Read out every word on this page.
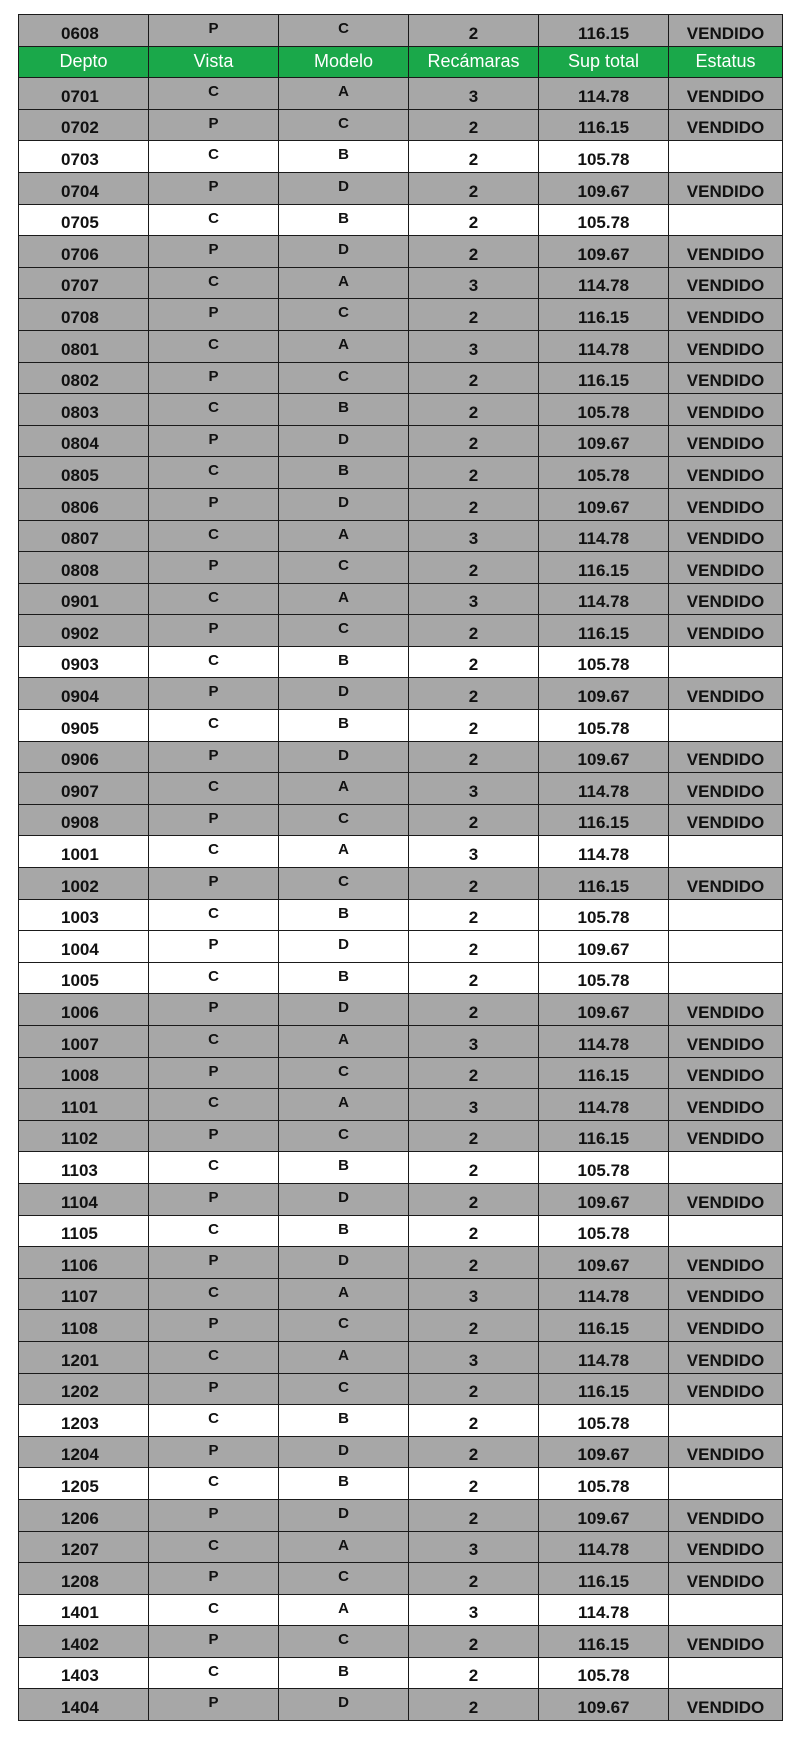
0608	P	C	2	116.15	VENDIDO
Depto	Vista	Modelo	Recámaras	Sup total	Estatus
0701	C	A	3	114.78	VENDIDO
0702	P	C	2	116.15	VENDIDO
0703	C	B	2	105.78	
0704	P	D	2	109.67	VENDIDO
0705	C	B	2	105.78	
0706	P	D	2	109.67	VENDIDO
0707	C	A	3	114.78	VENDIDO
0708	P	C	2	116.15	VENDIDO
0801	C	A	3	114.78	VENDIDO
0802	P	C	2	116.15	VENDIDO
0803	C	B	2	105.78	VENDIDO
0804	P	D	2	109.67	VENDIDO
0805	C	B	2	105.78	VENDIDO
0806	P	D	2	109.67	VENDIDO
0807	C	A	3	114.78	VENDIDO
0808	P	C	2	116.15	VENDIDO
0901	C	A	3	114.78	VENDIDO
0902	P	C	2	116.15	VENDIDO
0903	C	B	2	105.78	
0904	P	D	2	109.67	VENDIDO
0905	C	B	2	105.78	
0906	P	D	2	109.67	VENDIDO
0907	C	A	3	114.78	VENDIDO
0908	P	C	2	116.15	VENDIDO
1001	C	A	3	114.78	
1002	P	C	2	116.15	VENDIDO
1003	C	B	2	105.78	
1004	P	D	2	109.67	
1005	C	B	2	105.78	
1006	P	D	2	109.67	VENDIDO
1007	C	A	3	114.78	VENDIDO
1008	P	C	2	116.15	VENDIDO
1101	C	A	3	114.78	VENDIDO
1102	P	C	2	116.15	VENDIDO
1103	C	B	2	105.78	
1104	P	D	2	109.67	VENDIDO
1105	C	B	2	105.78	
1106	P	D	2	109.67	VENDIDO
1107	C	A	3	114.78	VENDIDO
1108	P	C	2	116.15	VENDIDO
1201	C	A	3	114.78	VENDIDO
1202	P	C	2	116.15	VENDIDO
1203	C	B	2	105.78	
1204	P	D	2	109.67	VENDIDO
1205	C	B	2	105.78	
1206	P	D	2	109.67	VENDIDO
1207	C	A	3	114.78	VENDIDO
1208	P	C	2	116.15	VENDIDO
1401	C	A	3	114.78	
1402	P	C	2	116.15	VENDIDO
1403	C	B	2	105.78	
1404	P	D	2	109.67	VENDIDO
